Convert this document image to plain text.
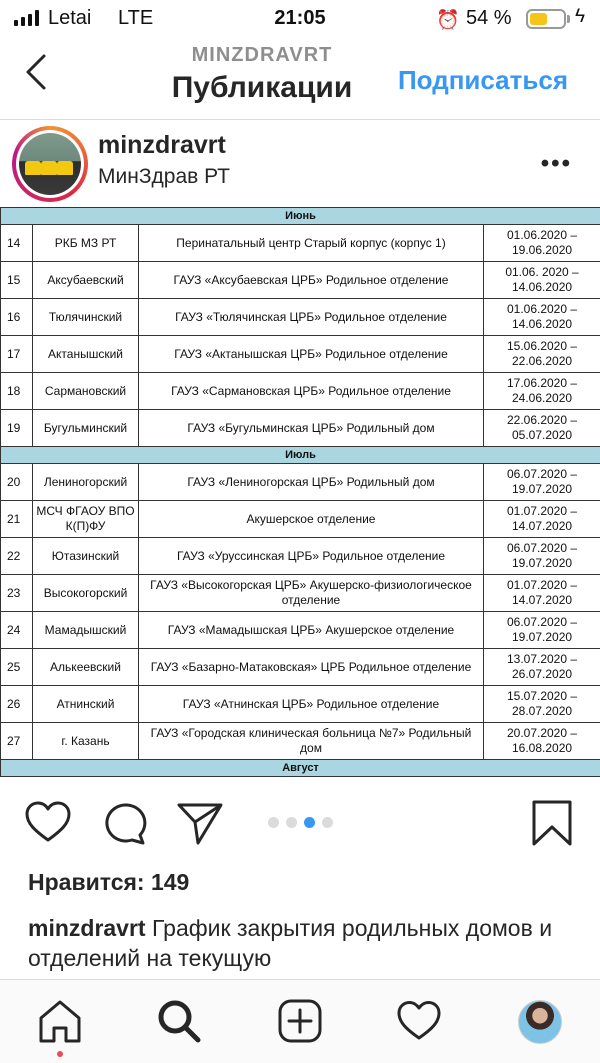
Letai LTE	21:05	⏰ 54 %	ϟ
MINZDRAVRT
Публикации	Подписаться
minzdravrt
МинЗдрав РТ	•••
Июнь			
14	РКБ МЗ РТ	Перинатальный центр Старый корпус (корпус 1)	01.06.2020 – 19.06.2020
15	Аксубаевский	ГАУЗ «Аксубаевская ЦРБ» Родильное отделение	01.06. 2020 – 14.06.2020
16	Тюлячинский	ГАУЗ «Тюлячинская ЦРБ» Родильное отделение	01.06.2020 – 14.06.2020
17	Актанышский	ГАУЗ «Актанышская ЦРБ» Родильное отделение	15.06.2020 – 22.06.2020
18	Сармановский	ГАУЗ «Сармановская ЦРБ» Родильное отделение	17.06.2020 – 24.06.2020
19	Бугульминский	ГАУЗ «Бугульминская ЦРБ» Родильный дом	22.06.2020 – 05.07.2020
Июль			
20	Лениногорский	ГАУЗ «Лениногорская ЦРБ» Родильный дом	06.07.2020 – 19.07.2020
21	МСЧ ФГАОУ ВПО К(П)ФУ	Акушерское отделение	01.07.2020 – 14.07.2020
22	Ютазинский	ГАУЗ «Уруссинская ЦРБ» Родильное отделение	06.07.2020 – 19.07.2020
23	Высокогорский	ГАУЗ «Высокогорская ЦРБ» Акушерско-физиологическое отделение	01.07.2020 – 14.07.2020
24	Мамадышский	ГАУЗ «Мамадышская ЦРБ» Акушерское отделение	06.07.2020 – 19.07.2020
25	Алькеевский	ГАУЗ «Базарно-Матаковская» ЦРБ Родильное отделение	13.07.2020 – 26.07.2020
26	Атнинский	ГАУЗ «Атнинская ЦРБ» Родильное отделение	15.07.2020 – 28.07.2020
27	г. Казань	ГАУЗ «Городская клиническая больница №7» Родильный дом	20.07.2020 – 16.08.2020
Август			
Нравится: 149
minzdravrt График закрытия родильных домов и отделений на текущую
